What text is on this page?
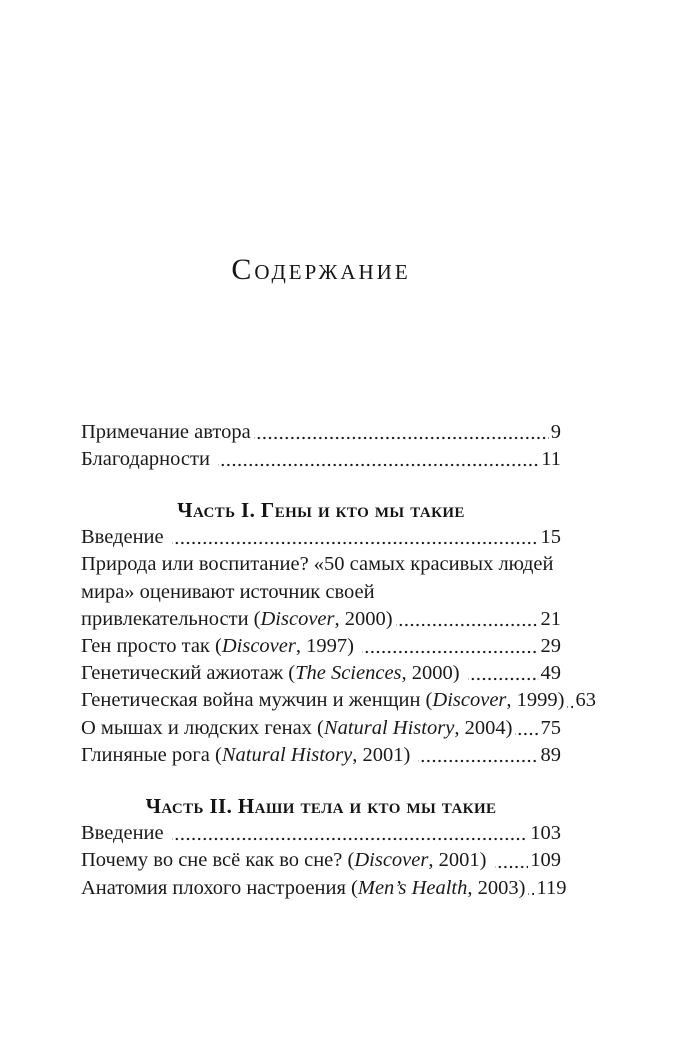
Содержание
Примечание автора	9
Благодарности	11
Часть I. Гены и кто мы такие
Введение	15
Природа или воспитание? «50 самых красивых людей
мира» оценивают источник своей
привлекательности (Discover, 2000)	21
Ген просто так (Discover, 1997)	29
Генетический ажиотаж (The Sciences, 2000)	49
Генетическая война мужчин и женщин (Discover, 1999) 63
О мышах и людских генах (Natural History, 2004) 75
Глиняные рога (Natural History, 2001)	89
Часть II. Наши тела и кто мы такие
Введение	103
Почему во сне всё как во сне? (Discover, 2001) 109
Анатомия плохого настроения (Men’s Health, 2003) 119
